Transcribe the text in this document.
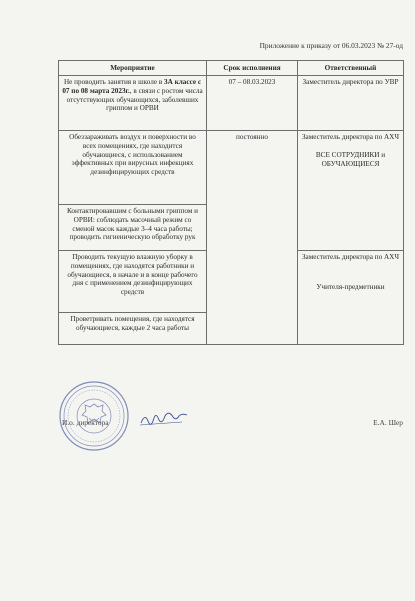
Приложение к приказу от 06.03.2023 № 27-од
Мероприятие	Срок исполнения	Ответственный
Не проводить занятия в школе в 3А классе с 07 по 08 марта 2023г., в связи с ростом числа отсутствующих обучающихся, заболевших гриппом и ОРВИ	07 – 08.03.2023	Заместитель директора по УВР
Обеззараживать воздух и поверхности во всех помещениях, где находится обучающиеся, с использованием эффективных при вирусных инфекциях дезинфицирующих средств	постоянно	Заместитель директора по АХЧ
ВСЕ СОТРУДНИКИ и ОБУЧАЮЩИЕСЯ
Контактировавшим с больными гриппом и ОРВИ: соблюдать масочный режим со сменой масок каждые 3–4 часа работы; проводить гигиеническую обработку рук		
Проводить текущую влажную уборку в помещениях, где находятся работники и обучающиеся, в начале и в конце рабочего дня с применением дезинфицирующих средств		Заместитель директора по АХЧ
Учителя-предметники
Проветривать помещения, где находятся обучающиеся, каждые 2 часа работы		
И.о. директора	Е.А. Шер
